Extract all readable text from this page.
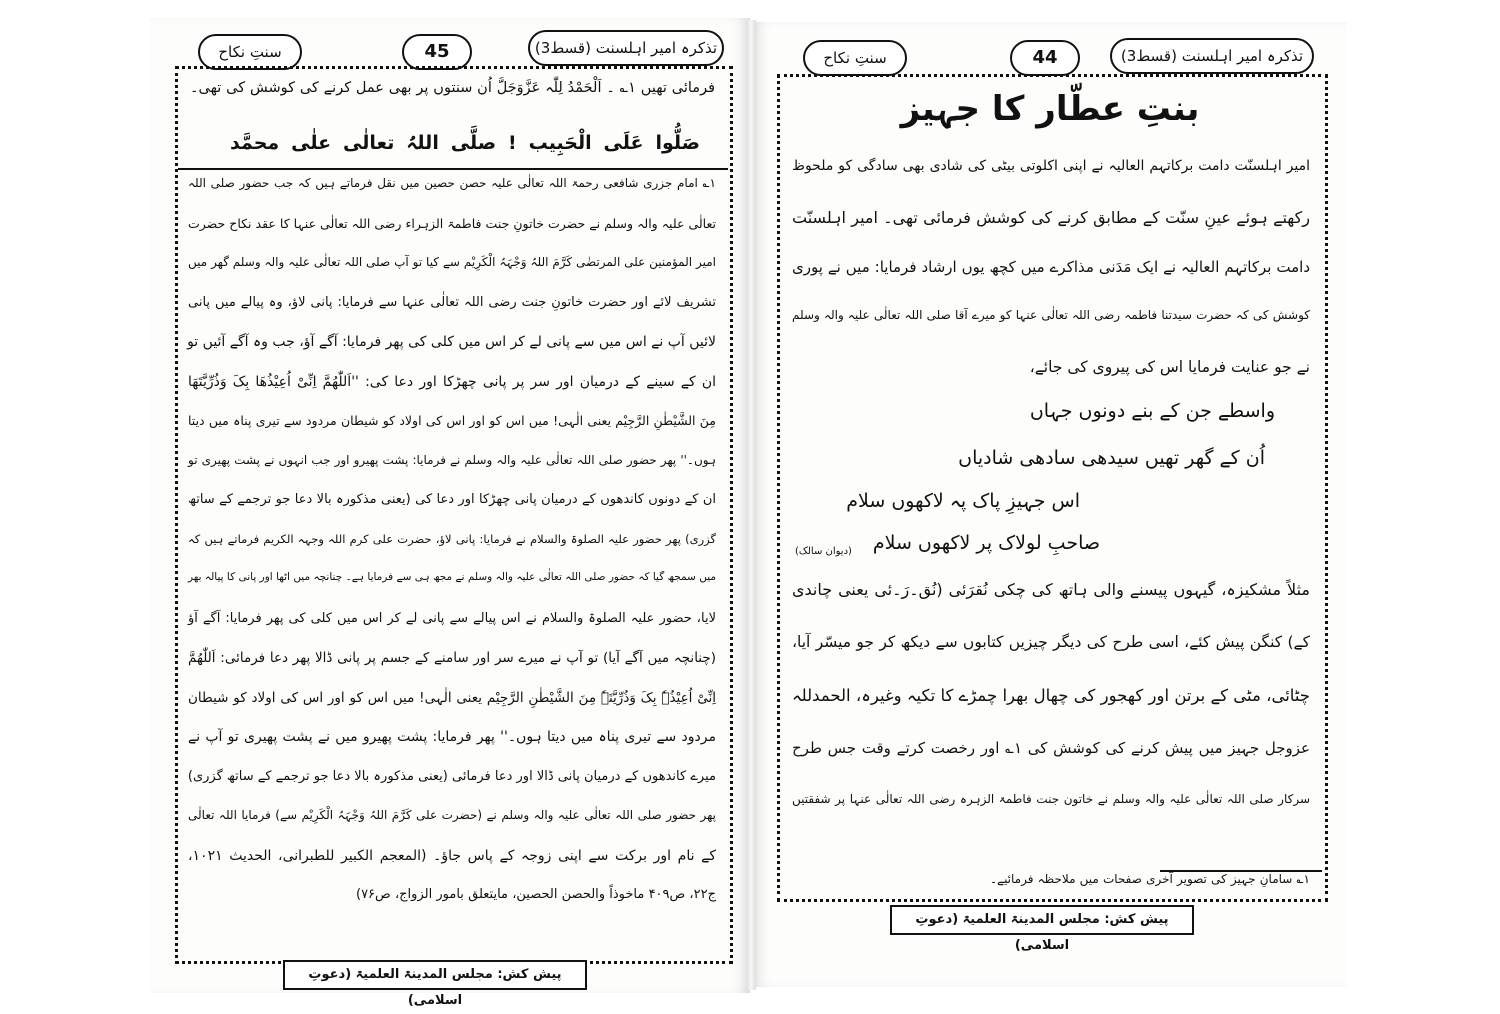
سنتِ نکاح	45	تذکرہ امیر اہلسنت (قسط3)
فرمائی تھیں ۱؎ ۔ اَلْحَمْدُ لِلّٰہ عَزَّوَجَلَّ اُن سنتوں پر بھی عمل کرنے کی کوشش کی تھی۔
صَلُّوا عَلَی الْحَبِیب ! صلَّی اللہُ تعالٰی علٰی محمَّد
۱؎ امام جزری شافعی رحمۃ اللہ تعالٰی علیہ حصن حصین میں نقل فرماتے ہیں کہ جب حضور صلی اللہ
تعالٰی علیہ والہ وسلم نے حضرت خاتونِ جنت فاطمۃ الزہراء رضی اللہ تعالٰی عنہا کا عقد نکاح حضرت
امیر المؤمنین علی المرتضٰی کَرَّمَ اللہُ وَجْہَہُ الْکَرِیْم سے کیا تو آپ صلی اللہ تعالٰی علیہ والہ وسلم گھر میں
تشریف لائے اور حضرت خاتونِ جنت رضی اللہ تعالٰی عنہا سے فرمایا: پانی لاؤ، وہ پیالے میں پانی
لائیں آپ نے اس میں سے پانی لے کر اس میں کلی کی پھر فرمایا: آگے آؤ، جب وہ آگے آئیں تو
ان کے سینے کے درمیان اور سر پر پانی چھڑکا اور دعا کی: ''اَللّٰھُمَّ اِنِّیْ اُعِیْذُھَا بِکَ وَذُرِّیَّتَھَا
مِنَ الشَّیْطٰنِ الرَّجِیْم یعنی الٰہی! میں اس کو اور اس کی اولاد کو شیطان مردود سے تیری پناہ میں دیتا
ہوں۔'' پھر حضور صلی اللہ تعالٰی علیہ والہ وسلم نے فرمایا: پشت پھیرو اور جب انہوں نے پشت پھیری تو
ان کے دونوں کاندھوں کے درمیان پانی چھڑکا اور دعا کی (یعنی مذکورہ بالا دعا جو ترجمے کے ساتھ
گزری) پھر حضور علیہ الصلوۃ والسلام نے فرمایا: پانی لاؤ، حضرت علی کرم اللہ وجہہ الکریم فرماتے ہیں کہ
میں سمجھ گیا کہ حضور صلی اللہ تعالٰی علیہ والہ وسلم نے مجھ ہی سے فرمایا ہے۔ چنانچہ میں اٹھا اور پانی کا پیالہ بھر
لایا، حضور علیہ الصلوۃ والسلام نے اس پیالے سے پانی لے کر اس میں کلی کی پھر فرمایا: آگے آؤ
(چنانچہ میں آگے آیا) تو آپ نے میرے سر اور سامنے کے جسم پر پانی ڈالا پھر دعا فرمائی: اَللّٰھُمَّ
اِنِّیْ اُعِیْذُہٗ بِکَ وَذُرِّیَّتَہٗ مِنَ الشَّیْطٰنِ الرَّجِیْم یعنی الٰہی! میں اس کو اور اس کی اولاد کو شیطان
مردود سے تیری پناہ میں دیتا ہوں۔'' پھر فرمایا: پشت پھیرو میں نے پشت پھیری تو آپ نے
میرے کاندھوں کے درمیان پانی ڈالا اور دعا فرمائی (یعنی مذکورہ بالا دعا جو ترجمے کے ساتھ گزری)
پھر حضور صلی اللہ تعالٰی علیہ والہ وسلم نے (حضرت علی کَرَّمَ اللہُ وَجْہَہُ الْکَرِیْم سے) فرمایا اللہ تعالٰی
کے نام اور برکت سے اپنی زوجہ کے پاس جاؤ۔ (المعجم الکبیر للطبرانی، الحدیث ۱۰۲۱،
ج۲۲، ص۴۰۹ ماخوذاً والحصن الحصین، مایتعلق بامور الزواج، ص۷۶)
پیش کش: مجلس المدینۃ العلمیۃ (دعوتِ اسلامی)
سنتِ نکاح	44	تذکرہ امیر اہلسنت (قسط3)
بنتِ عطّار کا جہیز
امیر اہلسنّت دامت برکاتہم العالیہ نے اپنی اکلوتی بیٹی کی شادی بھی سادگی کو ملحوظ
رکھتے ہوئے عینِ سنّت کے مطابق کرنے کی کوشش فرمائی تھی۔ امیر اہلسنّت
دامت برکاتہم العالیہ نے ایک مَدَنی مذاکرے میں کچھ یوں ارشاد فرمایا: میں نے پوری
کوشش کی کہ حضرت سیدتنا فاطمہ رضی اللہ تعالٰی عنہا کو میرے آقا صلی اللہ تعالٰی علیہ والہ وسلم
نے جو عنایت فرمایا اس کی پیروی کی جائے،
واسطے جن کے بنے دونوں جہاں
اُن کے گھر تھیں سیدھی سادھی شادیاں
اس جہیزِ پاک پہ لاکھوں سلام
صاحبِ لولاک پر لاکھوں سلام
(دیوان سالک)
مثلاً مشکیزہ، گیہوں پیسنے والی ہاتھ کی چکی نُقرَئی (نُق۔رَ۔ئی یعنی چاندی
کے) کنگن پیش کئے، اسی طرح کی دیگر چیزیں کتابوں سے دیکھ کر جو میسّر آیا،
چٹائی، مٹی کے برتن اور کھجور کی چھال بھرا چمڑے کا تکیہ وغیرہ، الحمدللہ
عزوجل جہیز میں پیش کرنے کی کوشش کی ۱؎ اور رخصت کرتے وقت جس طرح
سرکار صلی اللہ تعالٰی علیہ والہ وسلم نے خاتون جنت فاطمۃ الزہرہ رضی اللہ تعالٰی عنہا پر شفقتیں
۱؎ سامانِ جہیز کی تصویر آخری صفحات میں ملاحظہ فرمائیے۔
پیش کش: مجلس المدینۃ العلمیۃ (دعوتِ اسلامی)
